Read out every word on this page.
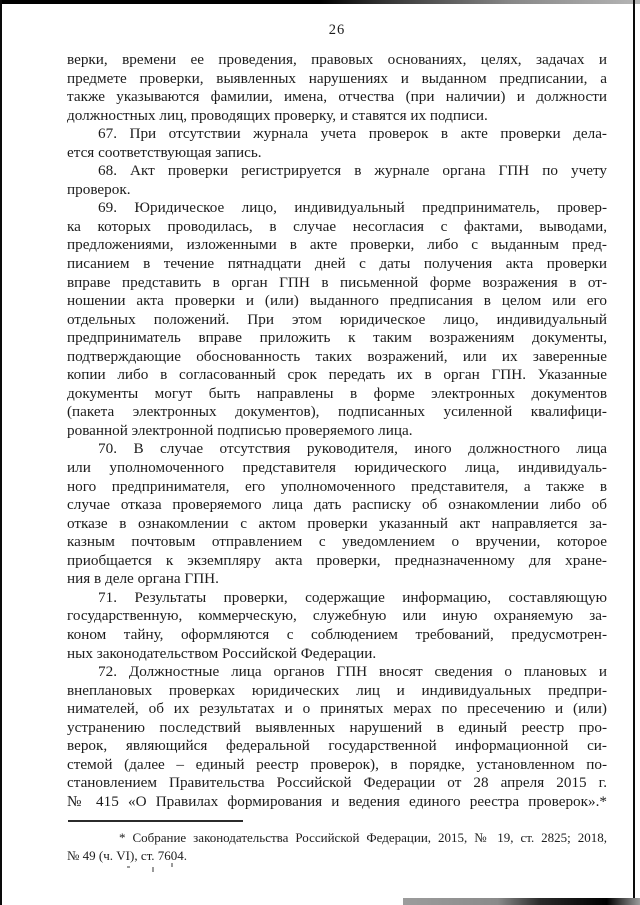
26
верки, времени ее проведения, правовых основаниях, целях, задачах и
предмете проверки, выявленных нарушениях и выданном предписании, а
также указываются фамилии, имена, отчества (при наличии) и должности
должностных лиц, проводящих проверку, и ставятся их подписи.
67. При отсутствии журнала учета проверок в акте проверки дела-
ется соответствующая запись.
68. Акт проверки регистрируется в журнале органа ГПН по учету
проверок.
69. Юридическое лицо, индивидуальный предприниматель, провер-
ка которых проводилась, в случае несогласия с фактами, выводами,
предложениями, изложенными в акте проверки, либо с выданным пред-
писанием в течение пятнадцати дней с даты получения акта проверки
вправе представить в орган ГПН в письменной форме возражения в от-
ношении акта проверки и (или) выданного предписания в целом или его
отдельных положений. При этом юридическое лицо, индивидуальный
предприниматель вправе приложить к таким возражениям документы,
подтверждающие обоснованность таких возражений, или их заверенные
копии либо в согласованный срок передать их в орган ГПН. Указанные
документы могут быть направлены в форме электронных документов
(пакета электронных документов), подписанных усиленной квалифици-
рованной электронной подписью проверяемого лица.
70. В случае отсутствия руководителя, иного должностного лица
или уполномоченного представителя юридического лица, индивидуаль-
ного предпринимателя, его уполномоченного представителя, а также в
случае отказа проверяемого лица дать расписку об ознакомлении либо об
отказе в ознакомлении с актом проверки указанный акт направляется за-
казным почтовым отправлением с уведомлением о вручении, которое
приобщается к экземпляру акта проверки, предназначенному для хране-
ния в деле органа ГПН.
71. Результаты проверки, содержащие информацию, составляющую
государственную, коммерческую, служебную или иную охраняемую за-
коном тайну, оформляются с соблюдением требований, предусмотрен-
ных законодательством Российской Федерации.
72. Должностные лица органов ГПН вносят сведения о плановых и
внеплановых проверках юридических лиц и индивидуальных предпри-
нимателей, об их результатах и о принятых мерах по пресечению и (или)
устранению последствий выявленных нарушений в единый реестр про-
верок, являющийся федеральной государственной информационной си-
стемой (далее – единый реестр проверок), в порядке, установленном по-
становлением Правительства Российской Федерации от 28 апреля 2015 г.
№ 415 «О Правилах формирования и ведения единого реестра проверок».*
* Собрание законодательства Российской Федерации, 2015, № 19, ст. 2825; 2018,
№ 49 (ч. VI), ст. 7604.
